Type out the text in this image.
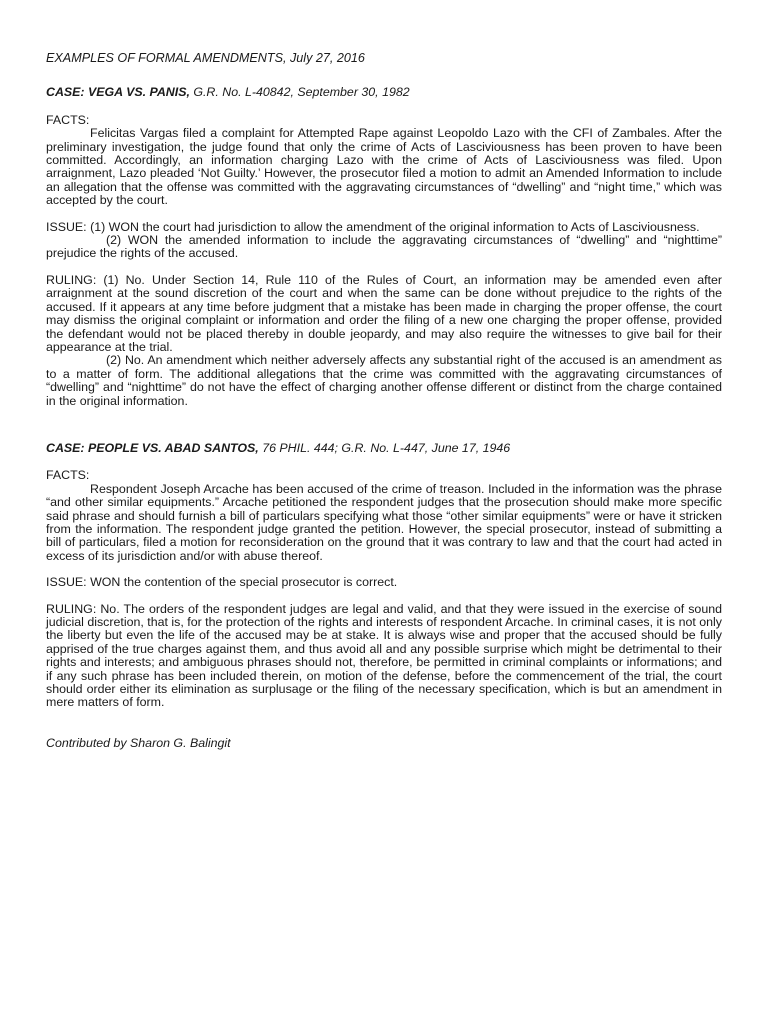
EXAMPLES OF FORMAL AMENDMENTS, July 27, 2016
CASE: VEGA VS. PANIS, G.R. No. L-40842, September 30, 1982
FACTS:

Felicitas Vargas filed a complaint for Attempted Rape against Leopoldo Lazo with the CFI of Zambales. After the preliminary investigation, the judge found that only the crime of Acts of Lasciviousness has been proven to have been committed. Accordingly, an information charging Lazo with the crime of Acts of Lasciviousness was filed. Upon arraignment, Lazo pleaded ‘Not Guilty.’ However, the prosecutor filed a motion to admit an Amended Information to include an allegation that the offense was committed with the aggravating circumstances of “dwelling” and “night time,” which was accepted by the court.

ISSUE: (1) WON the court had jurisdiction to allow the amendment of the original information to Acts of Lasciviousness.

(2) WON the amended information to include the aggravating circumstances of “dwelling” and “nighttime” prejudice the rights of the accused.

RULING: (1) No. Under Section 14, Rule 110 of the Rules of Court, an information may be amended even after arraignment at the sound discretion of the court and when the same can be done without prejudice to the rights of the accused. If it appears at any time before judgment that a mistake has been made in charging the proper offense, the court may dismiss the original complaint or information and order the filing of a new one charging the proper offense, provided the defendant would not be placed thereby in double jeopardy, and may also require the witnesses to give bail for their appearance at the trial.

(2) No. An amendment which neither adversely affects any substantial right of the accused is an amendment as to a matter of form. The additional allegations that the crime was committed with the aggravating circumstances of “dwelling” and “nighttime” do not have the effect of charging another offense different or distinct from the charge contained in the original information.

CASE: PEOPLE VS. ABAD SANTOS, 76 PHIL. 444; G.R. No. L-447, June 17, 1946
FACTS:

Respondent Joseph Arcache has been accused of the crime of treason. Included in the information was the phrase “and other similar equipments.” Arcache petitioned the respondent judges that the prosecution should make more specific said phrase and should furnish a bill of particulars specifying what those “other similar equipments” were or have it stricken from the information. The respondent judge granted the petition. However, the special prosecutor, instead of submitting a bill of particulars, filed a motion for reconsideration on the ground that it was contrary to law and that the court had acted in excess of its jurisdiction and/or with abuse thereof.

ISSUE: WON the contention of the special prosecutor is correct.

RULING: No. The orders of the respondent judges are legal and valid, and that they were issued in the exercise of sound judicial discretion, that is, for the protection of the rights and interests of respondent Arcache. In criminal cases, it is not only the liberty but even the life of the accused may be at stake. It is always wise and proper that the accused should be fully apprised of the true charges against them, and thus avoid all and any possible surprise which might be detrimental to their rights and interests; and ambiguous phrases should not, therefore, be permitted in criminal complaints or informations; and if any such phrase has been included therein, on motion of the defense, before the commencement of the trial, the court should order either its elimination as surplusage or the filing of the necessary specification, which is but an amendment in mere matters of form.

Contributed by Sharon G. Balingit
